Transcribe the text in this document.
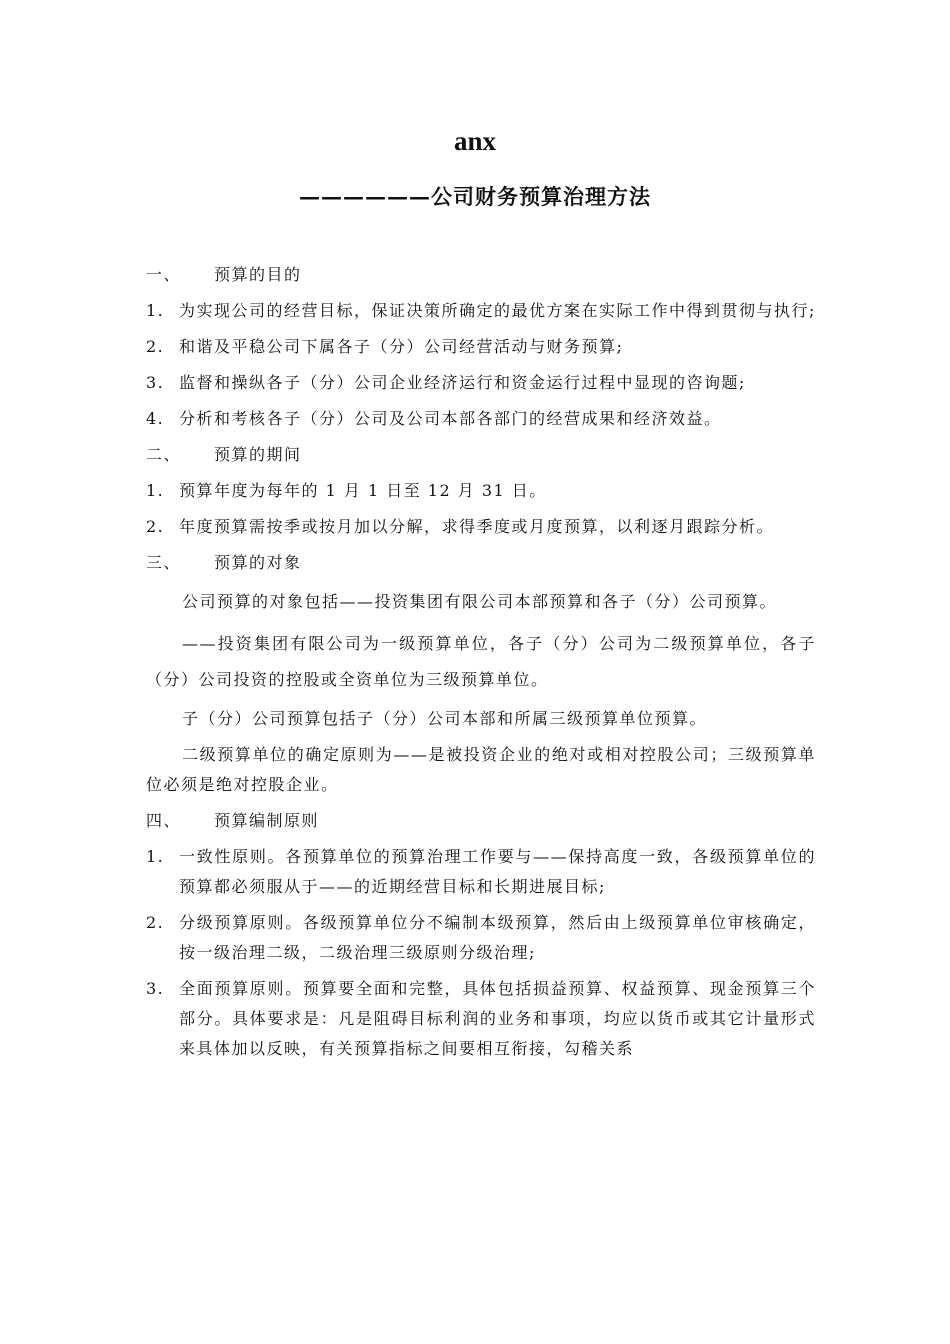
anx
——————公司财务预算治理方法

一、	预算的目的

1. 为实现公司的经营目标，保证决策所确定的最优方案在实际工作中得到贯彻与执行;

2. 和谐及平稳公司下属各子（分）公司经营活动与财务预算;

3. 监督和操纵各子（分）公司企业经济运行和资金运行过程中显现的咨询题;

4. 分析和考核各子（分）公司及公司本部各部门的经营成果和经济效益。

二、	预算的期间

1. 预算年度为每年的 1 月 1 日至 12 月 31 日。

2. 年度预算需按季或按月加以分解，求得季度或月度预算，以利逐月跟踪分析。

三、	预算的对象

公司预算的对象包括——投资集团有限公司本部预算和各子（分）公司预算。

——投资集团有限公司为一级预算单位，各子（分）公司为二级预算单位，各子（分）公司投资的控股或全资单位为三级预算单位。

子（分）公司预算包括子（分）公司本部和所属三级预算单位预算。

二级预算单位的确定原则为——是被投资企业的绝对或相对控股公司；三级预算单位必须是绝对控股企业。

四、	预算编制原则

1. 一致性原则。各预算单位的预算治理工作要与——保持高度一致，各级预算单位的预算都必须服从于——的近期经营目标和长期进展目标;

2. 分级预算原则。各级预算单位分不编制本级预算，然后由上级预算单位审核确定，按一级治理二级，二级治理三级原则分级治理;

3. 全面预算原则。预算要全面和完整，具体包括损益预算、权益预算、现金预算三个部分。具体要求是：凡是阻碍目标利润的业务和事项，均应以货币或其它计量形式来具体加以反映，有关预算指标之间要相互衔接，勾稽关系
